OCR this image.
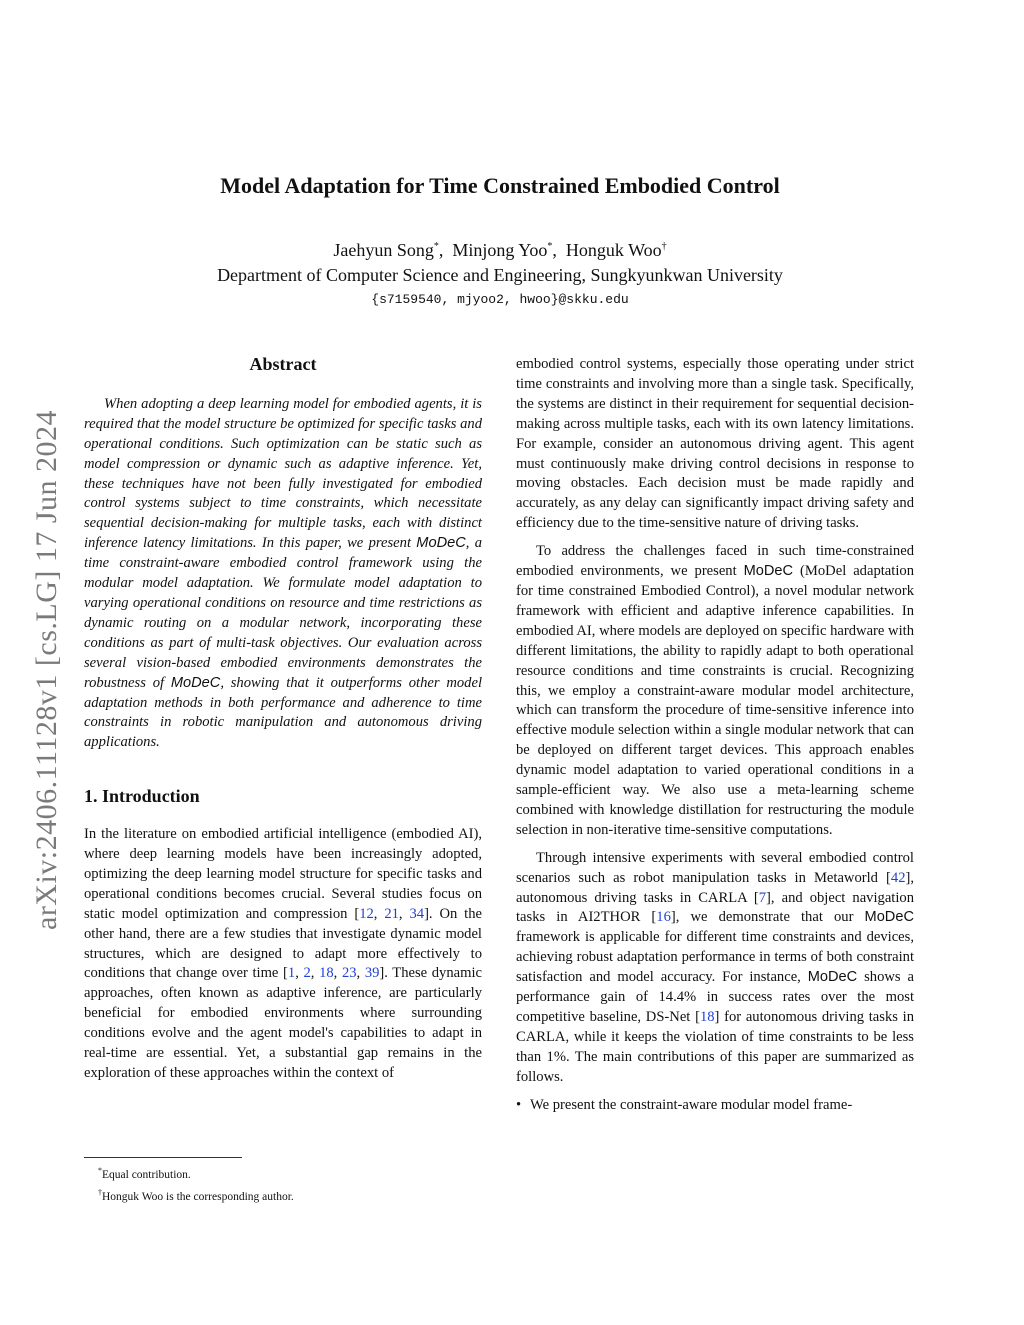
arXiv:2406.11128v1 [cs.LG] 17 Jun 2024
Model Adaptation for Time Constrained Embodied Control
Jaehyun Song*,  Minjong Yoo*,  Honguk Woo†
Department of Computer Science and Engineering, Sungkyunkwan University
{s7159540, mjyoo2, hwoo}@skku.edu
Abstract

When adopting a deep learning model for embodied agents, it is required that the model structure be optimized for specific tasks and operational conditions. Such optimization can be static such as model compression or dynamic such as adaptive inference. Yet, these techniques have not been fully investigated for embodied control systems subject to time constraints, which necessitate sequential decision-making for multiple tasks, each with distinct inference latency limitations. In this paper, we present MoDeC, a time constraint-aware embodied control framework using the modular model adaptation. We formulate model adaptation to varying operational conditions on resource and time restrictions as dynamic routing on a modular network, incorporating these conditions as part of multi-task objectives. Our evaluation across several vision-based embodied environments demonstrates the robustness of MoDeC, showing that it outperforms other model adaptation methods in both performance and adherence to time constraints in robotic manipulation and autonomous driving applications.

1. Introduction

In the literature on embodied artificial intelligence (embodied AI), where deep learning models have been increasingly adopted, optimizing the deep learning model structure for specific tasks and operational conditions becomes crucial. Several studies focus on static model optimization and compression [12, 21, 34]. On the other hand, there are a few studies that investigate dynamic model structures, which are designed to adapt more effectively to conditions that change over time [1, 2, 18, 23, 39]. These dynamic approaches, often known as adaptive inference, are particularly beneficial for embodied environments where surrounding conditions evolve and the agent model's capabilities to adapt in real-time are essential. Yet, a substantial gap remains in the exploration of these approaches within the context of

embodied control systems, especially those operating under strict time constraints and involving more than a single task. Specifically, the systems are distinct in their requirement for sequential decision-making across multiple tasks, each with its own latency limitations. For example, consider an autonomous driving agent. This agent must continuously make driving control decisions in response to moving obstacles. Each decision must be made rapidly and accurately, as any delay can significantly impact driving safety and efficiency due to the time-sensitive nature of driving tasks.

To address the challenges faced in such time-constrained embodied environments, we present MoDeC (MoDel adaptation for time constrained Embodied Control), a novel modular network framework with efficient and adaptive inference capabilities. In embodied AI, where models are deployed on specific hardware with different limitations, the ability to rapidly adapt to both operational resource conditions and time constraints is crucial. Recognizing this, we employ a constraint-aware modular model architecture, which can transform the procedure of time-sensitive inference into effective module selection within a single modular network that can be deployed on different target devices. This approach enables dynamic model adaptation to varied operational conditions in a sample-efficient way. We also use a meta-learning scheme combined with knowledge distillation for restructuring the module selection in non-iterative time-sensitive computations.

Through intensive experiments with several embodied control scenarios such as robot manipulation tasks in Metaworld [42], autonomous driving tasks in CARLA [7], and object navigation tasks in AI2THOR [16], we demonstrate that our MoDeC framework is applicable for different time constraints and devices, achieving robust adaptation performance in terms of both constraint satisfaction and model accuracy. For instance, MoDeC shows a performance gain of 14.4% in success rates over the most competitive baseline, DS-Net [18] for autonomous driving tasks in CARLA, while it keeps the violation of time constraints to be less than 1%. The main contributions of this paper are summarized as follows.

• We present the constraint-aware modular model frame-

*Equal contribution.
†Honguk Woo is the corresponding author.
